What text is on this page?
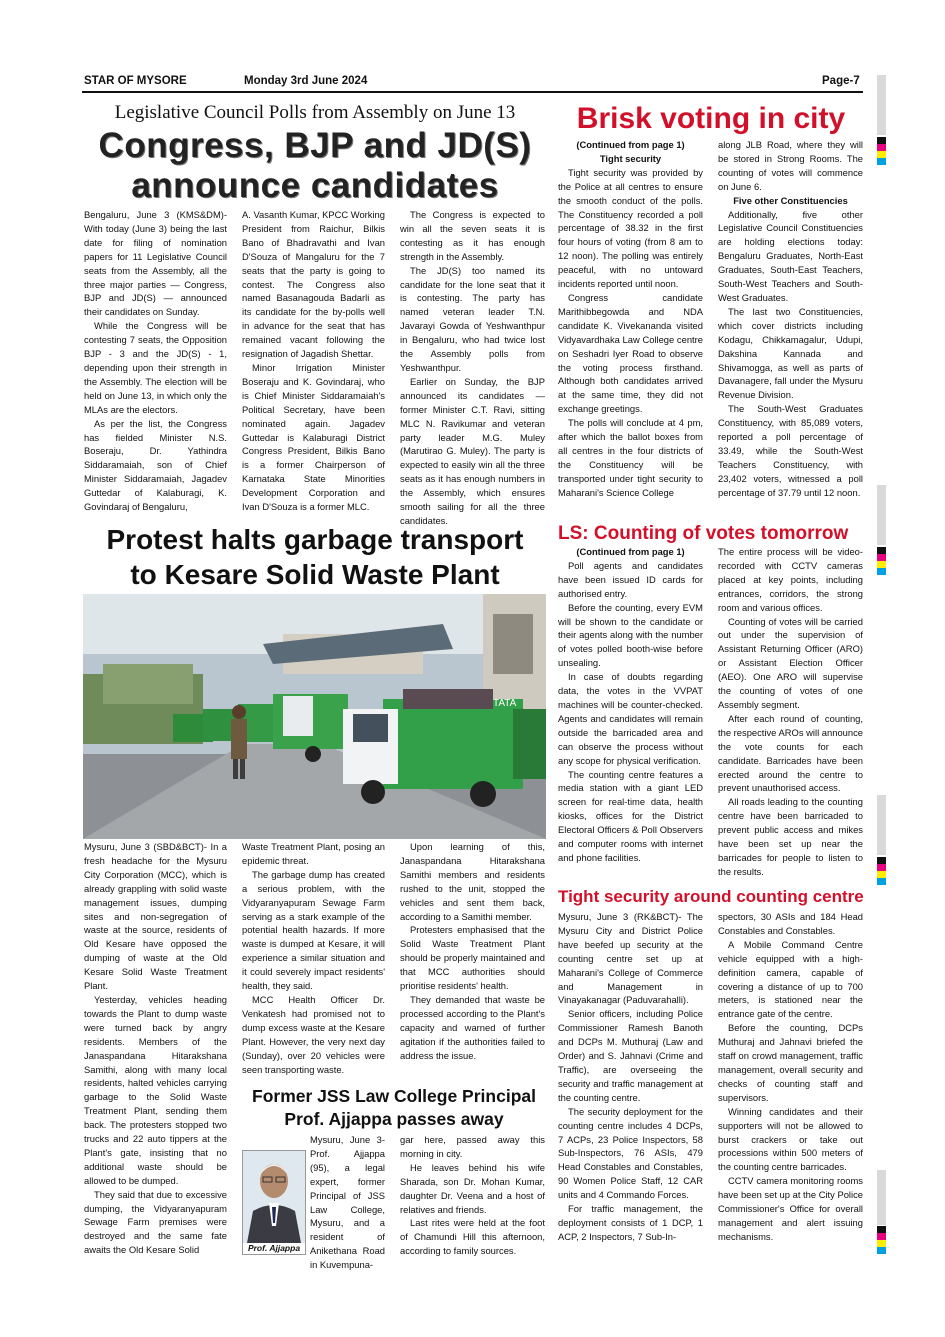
STAR OF MYSORE	Monday 3rd June 2024	Page-7
Legislative Council Polls from Assembly on June 13
Congress, BJP and JD(S)
announce candidates

Bengaluru, June 3 (KMS&DM)- With today (June 3) being the last date for filing of nomination papers for 11 Legislative Council seats from the Assembly, all the three major parties — Congress, BJP and JD(S) — announced their candidates on Sunday.

While the Congress will be contesting 7 seats, the Opposition BJP - 3 and the JD(S) - 1, depending upon their strength in the Assembly. The election will be held on June 13, in which only the MLAs are the electors.

As per the list, the Congress has fielded Minister N.S. Boseraju, Dr. Yathindra Siddaramaiah, son of Chief Minister Siddaramaiah, Jagadev Guttedar of Kalaburagi, K. Govindaraj of Bengaluru,

A. Vasanth Kumar, KPCC Working President from Raichur, Bilkis Bano of Bhadravathi and Ivan D'Souza of Mangaluru for the 7 seats that the party is going to contest. The Congress also named Basanagouda Badarli as its candidate for the by-polls well in advance for the seat that has remained vacant following the resignation of Jagadish Shettar.

Minor Irrigation Minister Boseraju and K. Govindaraj, who is Chief Minister Siddaramaiah's Political Secretary, have been nominated again. Jagadev Guttedar is Kalaburagi District Congress President, Bilkis Bano is a former Chairperson of Karnataka State Minorities Development Corporation and Ivan D'Souza is a former MLC.

The Congress is expected to win all the seven seats it is contesting as it has enough strength in the Assembly.

The JD(S) too named its candidate for the lone seat that it is contesting. The party has named veteran leader T.N. Javarayi Gowda of Yeshwanthpur in Bengaluru, who had twice lost the Assembly polls from Yeshwanthpur.

Earlier on Sunday, the BJP announced its candidates — former Minister C.T. Ravi, sitting MLC N. Ravikumar and veteran party leader M.G. Muley (Marutirao G. Muley). The party is expected to easily win all the three seats as it has enough numbers in the Assembly, which ensures smooth sailing for all the three candidates.

Brisk voting in city

(Continued from page 1)

Tight security

Tight security was provided by the Police at all centres to ensure the smooth conduct of the polls. The Constituency recorded a poll percentage of 38.32 in the first four hours of voting (from 8 am to 12 noon). The polling was entirely peaceful, with no untoward incidents reported until noon.

Congress candidate Marithibbegowda and NDA candidate K. Vivekananda visited Vidyavardhaka Law College centre on Seshadri Iyer Road to observe the voting process firsthand. Although both candidates arrived at the same time, they did not exchange greetings.

The polls will conclude at 4 pm, after which the ballot boxes from all centres in the four districts of the Constituency will be transported under tight security to Maharani's Science College

along JLB Road, where they will be stored in Strong Rooms. The counting of votes will commence on June 6.

Five other Constituencies

Additionally, five other Legislative Council Constituencies are holding elections today: Bengaluru Graduates, North-East Graduates, South-East Teachers, South-West Teachers and South-West Graduates.

The last two Constituencies, which cover districts including Kodagu, Chikkamagalur, Udupi, Dakshina Kannada and Shivamogga, as well as parts of Davanagere, fall under the Mysuru Revenue Division.

The South-West Graduates Constituency, with 85,089 voters, reported a poll percentage of 33.49, while the South-West Teachers Constituency, with 23,402 voters, witnessed a poll percentage of 37.79 until 12 noon.

Protest halts garbage transport
to Kesare Solid Waste Plant
TATA

Mysuru, June 3 (SBD&BCT)- In a fresh headache for the Mysuru City Corporation (MCC), which is already grappling with solid waste management issues, dumping sites and non-segregation of waste at the source, residents of Old Kesare have opposed the dumping of waste at the Old Kesare Solid Waste Treatment Plant.

Yesterday, vehicles heading towards the Plant to dump waste were turned back by angry residents. Members of the Janaspandana Hitarakshana Samithi, along with many local residents, halted vehicles carrying garbage to the Solid Waste Treatment Plant, sending them back. The protesters stopped two trucks and 22 auto tippers at the Plant's gate, insisting that no additional waste should be allowed to be dumped.

They said that due to excessive dumping, the Vidyaranyapuram Sewage Farm premises were destroyed and the same fate awaits the Old Kesare Solid

Waste Treatment Plant, posing an epidemic threat.

The garbage dump has created a serious problem, with the Vidyaranyapuram Sewage Farm serving as a stark example of the potential health hazards. If more waste is dumped at Kesare, it will experience a similar situation and it could severely impact residents' health, they said.

MCC Health Officer Dr. Venkatesh had promised not to dump excess waste at the Kesare Plant. However, the very next day (Sunday), over 20 vehicles were seen transporting waste.

Upon learning of this, Janaspandana Hitarakshana Samithi members and residents rushed to the unit, stopped the vehicles and sent them back, according to a Samithi member.

Protesters emphasised that the Solid Waste Treatment Plant should be properly maintained and that MCC authorities should prioritise residents' health.

They demanded that waste be processed according to the Plant's capacity and warned of further agitation if the authorities failed to address the issue.

Former JSS Law College Principal
Prof. Ajjappa passes away
Prof. Ajjappa

Mysuru, June 3- Prof. Ajjappa (95), a legal expert, former Principal of JSS Law College, Mysuru, and a resident of Anikethana Road in Kuvempuna-

gar here, passed away this morning in city.

He leaves behind his wife Sharada, son Dr. Mohan Kumar, daughter Dr. Veena and a host of relatives and friends.

Last rites were held at the foot of Chamundi Hill this afternoon, according to family sources.

LS: Counting of votes tomorrow

(Continued from page 1)

Poll agents and candidates have been issued ID cards for authorised entry.

Before the counting, every EVM will be shown to the candidate or their agents along with the number of votes polled booth-wise before unsealing.

In case of doubts regarding data, the votes in the VVPAT machines will be counter-checked. Agents and candidates will remain outside the barricaded area and can observe the process without any scope for physical verification.

The counting centre features a media station with a giant LED screen for real-time data, health kiosks, offices for the District Electoral Officers & Poll Observers and computer rooms with internet and phone facilities.

The entire process will be video-recorded with CCTV cameras placed at key points, including entrances, corridors, the strong room and various offices.

Counting of votes will be carried out under the supervision of Assistant Returning Officer (ARO) or Assistant Election Officer (AEO). One ARO will supervise the counting of votes of one Assembly segment.

After each round of counting, the respective AROs will announce the vote counts for each candidate. Barricades have been erected around the centre to prevent unauthorised access.

All roads leading to the counting centre have been barricaded to prevent public access and mikes have been set up near the barricades for people to listen to the results.

Tight security around counting centre

Mysuru, June 3 (RK&BCT)- The Mysuru City and District Police have beefed up security at the counting centre set up at Maharani's College of Commerce and Management in Vinayakanagar (Paduvarahalli).

Senior officers, including Police Commissioner Ramesh Banoth and DCPs M. Muthuraj (Law and Order) and S. Jahnavi (Crime and Traffic), are overseeing the security and traffic management at the counting centre.

The security deployment for the counting centre includes 4 DCPs, 7 ACPs, 23 Police Inspectors, 58 Sub-Inspectors, 76 ASIs, 479 Head Constables and Constables, 90 Women Police Staff, 12 CAR units and 4 Commando Forces.

For traffic management, the deployment consists of 1 DCP, 1 ACP, 2 Inspectors, 7 Sub-In-

spectors, 30 ASIs and 184 Head Constables and Constables.

A Mobile Command Centre vehicle equipped with a high-definition camera, capable of covering a distance of up to 700 meters, is stationed near the entrance gate of the centre.

Before the counting, DCPs Muthuraj and Jahnavi briefed the staff on crowd management, traffic management, overall security and checks of counting staff and supervisors.

Winning candidates and their supporters will not be allowed to burst crackers or take out processions within 500 meters of the counting centre barricades.

CCTV camera monitoring rooms have been set up at the City Police Commissioner's Office for overall management and alert issuing mechanisms.
